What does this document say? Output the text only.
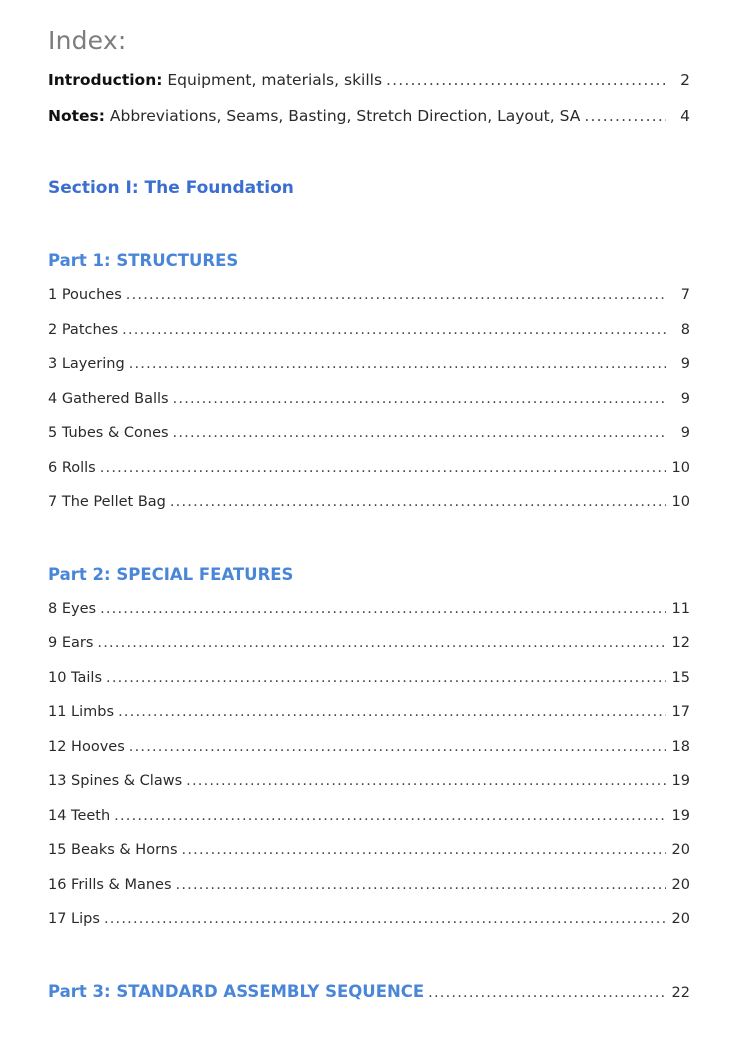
Index:
Introduction: Equipment, materials, skills .....	2
Notes: Abbreviations, Seams, Basting, Stretch Direction, Layout, SA .....	4
Section I: The Foundation
Part 1: STRUCTURES
1 Pouches .....	7
2 Patches .....	8
3 Layering .....	9
4 Gathered Balls .....	9
5 Tubes & Cones .....	9
6 Rolls .....	10
7 The Pellet Bag .....	10
Part 2: SPECIAL FEATURES
8 Eyes .....	11
9 Ears .....	12
10 Tails .....	15
11 Limbs .....	17
12 Hooves .....	18
13 Spines & Claws .....	19
14 Teeth .....	19
15 Beaks & Horns .....	20
16 Frills & Manes .....	20
17 Lips .....	20
Part 3: STANDARD ASSEMBLY SEQUENCE .....	22
